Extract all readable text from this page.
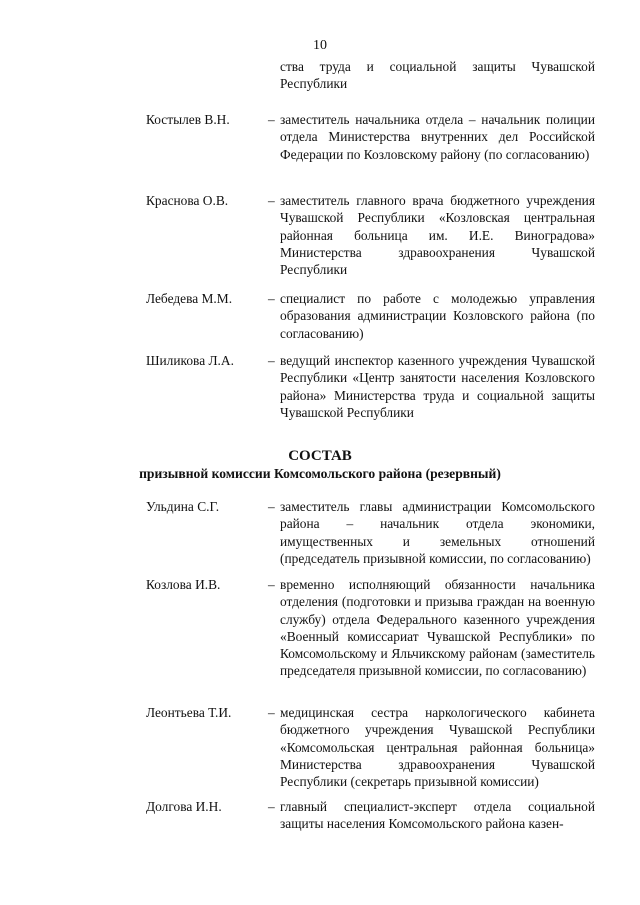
10
ства труда и социальной защиты Чувашской Республики
Костылев В.Н.	– заместитель начальника отдела – начальник полиции отдела Министерства внутренних дел Российской Федерации по Козловскому району (по согласованию)
Краснова О.В.	– заместитель главного врача бюджетного учреждения Чувашской Республики «Козловская центральная районная больница им. И.Е. Виноградова» Министерства здравоохранения Чувашской Республики
Лебедева М.М.	– специалист по работе с молодежью управления образования администрации Козловского района (по согласованию)
Шиликова Л.А.	– ведущий инспектор казенного учреждения Чувашской Республики «Центр занятости населения Козловского района» Министерства труда и социальной защиты Чувашской Республики
СОСТАВ
призывной комиссии Комсомольского района (резервный)
Ульдина С.Г.	– заместитель главы администрации Комсомольского района – начальник отдела экономики, имущественных и земельных отношений (председатель призывной комиссии, по согласованию)
Козлова И.В.	– временно исполняющий обязанности начальника отделения (подготовки и призыва граждан на военную службу) отдела Федерального казенного учреждения «Военный комиссариат Чувашской Республики» по Комсомольскому и Яльчикскому районам (заместитель председателя призывной комиссии, по согласованию)
Леонтьева Т.И.	– медицинская сестра наркологического кабинета бюджетного учреждения Чувашской Республики «Комсомольская центральная районная больница» Министерства здравоохранения Чувашской Республики (секретарь призывной комиссии)
Долгова И.Н.	– главный специалист-эксперт отдела социальной защиты населения Комсомольского района казен-
